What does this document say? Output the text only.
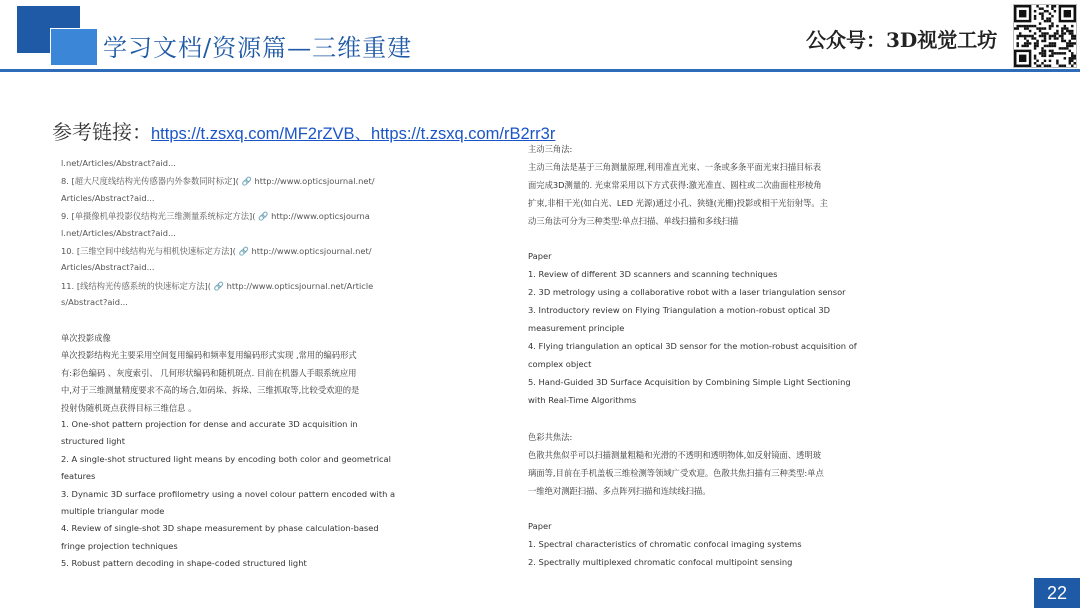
学习文档/资源篇—三维重建	公众号：3D视觉工坊
参考链接： https://t.zsxq.com/MF2rZVB、https://t.zsxq.com/rB2rr3r
l.net/Articles/Abstract?aid...
8. [超大尺度线结构光传感器内外参数同时标定]( 🔗 http://www.opticsjournal.net/
Articles/Abstract?aid...
9. [单摄像机单投影仪结构光三维测量系统标定方法]( 🔗 http://www.opticsjourna
l.net/Articles/Abstract?aid...
10. [三维空间中线结构光与相机快速标定方法]( 🔗 http://www.opticsjournal.net/
Articles/Abstract?aid...
11. [线结构光传感系统的快速标定方法]( 🔗 http://www.opticsjournal.net/Article
s/Abstract?aid...
单次投影成像
单次投影结构光主要采用空间复用编码和频率复用编码形式实现 ,常用的编码形式
有:彩色编码 、灰度索引、 几何形状编码和随机斑点. 目前在机器人手眼系统应用
中,对于三维测量精度要求不高的场合,如码垛、拆垛、三维抓取等,比较受欢迎的是
投射伪随机斑点获得目标三维信息 。
1. One-shot pattern projection for dense and accurate 3D acquisition in
structured light
2. A single-shot structured light means by encoding both color and geometrical
features
3. Dynamic 3D surface profilometry using a novel colour pattern encoded with a
multiple triangular mode
4. Review of single-shot 3D shape measurement by phase calculation-based
fringe projection techniques
5. Robust pattern decoding in shape-coded structured light
主动三角法:
主动三角法是基于三角测量原理,利用准直光束、一条或多条平面光束扫描目标表
面完成3D测量的. 光束常采用以下方式获得:激光准直、圆柱或二次曲面柱形棱角
扩束,非相干光(如白光、LED 光源)通过小孔、狭缝(光栅)投影或相干光衍射等。主
动三角法可分为三种类型:单点扫描、单线扫描和多线扫描
Paper
1. Review of different 3D scanners and scanning techniques
2. 3D metrology using a collaborative robot with a laser triangulation sensor
3. Introductory review on Flying Triangulation a motion-robust optical 3D
measurement principle
4. Flying triangulation an optical 3D sensor for the motion-robust acquisition of
complex object
5. Hand-Guided 3D Surface Acquisition by Combining Simple Light Sectioning
with Real-Time Algorithms
色彩共焦法:
色散共焦似乎可以扫描测量粗糙和光滑的不透明和透明物体,如反射镜面、透明玻
璃面等,目前在手机盖板三维检测等领域广受欢迎。色散共焦扫描有三种类型:单点
一维绝对测距扫描、多点阵列扫描和连续线扫描。
Paper
1. Spectral characteristics of chromatic confocal imaging systems
2. Spectrally multiplexed chromatic confocal multipoint sensing
22
